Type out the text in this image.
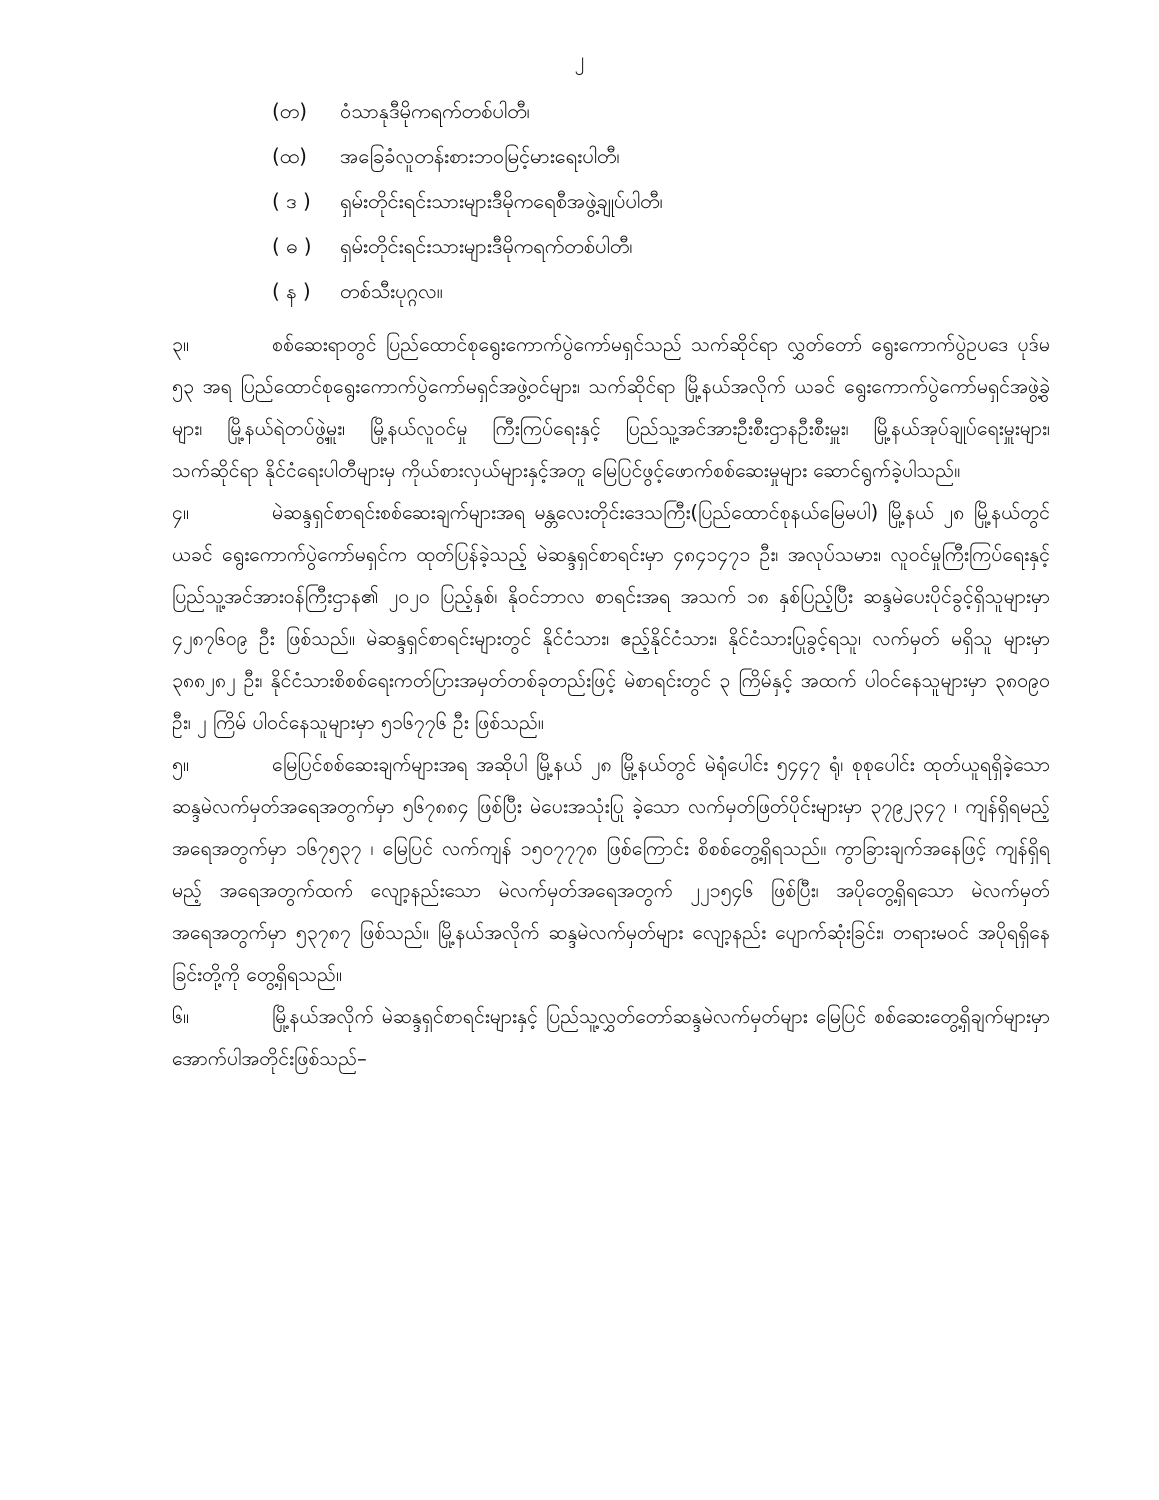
၂
(တ)	ဝံသာနုဒီမိုကရက်တစ်ပါတီ၊
(ထ)	အခြေခံလူတန်းစားဘဝမြင့်မားရေးပါတီ၊
( ဒ )	ရှမ်းတိုင်းရင်းသားများဒီမိုကရေစီအဖွဲ့ချုပ်ပါတီ၊
( ဓ )	ရှမ်းတိုင်းရင်းသားများဒီမိုကရက်တစ်ပါတီ၊
( န )	တစ်သီးပုဂ္ဂလ။

၃။	စစ်ဆေးရာတွင် ပြည်ထောင်စုရွေးကောက်ပွဲကော်မရှင်သည် သက်ဆိုင်ရာ လွှတ်တော် ရွေးကောက်ပွဲဥပဒေ ပုဒ်မ ၅၃ အရ ပြည်ထောင်စုရွေးကောက်ပွဲကော်မရှင်အဖွဲ့ဝင်များ၊ သက်ဆိုင်ရာ မြို့နယ်အလိုက် ယခင် ရွေးကောက်ပွဲကော်မရှင်အဖွဲ့ခွဲများ၊ မြို့နယ်ရဲတပ်ဖွဲ့မှူး၊ မြို့နယ်လူဝင်မှု ကြီးကြပ်ရေးနှင့် ပြည်သူ့အင်အားဦးစီးဌာနဦးစီးမှူး၊ မြို့နယ်အုပ်ချုပ်ရေးမှူးများ၊ သက်ဆိုင်ရာ နိုင်ငံရေးပါတီများမှ ကိုယ်စားလှယ်များနှင့်အတူ မြေပြင်ဖွင့်ဖောက်စစ်ဆေးမှုများ ဆောင်ရွက်ခဲ့ပါသည်။

၄။	မဲဆန္ဒရှင်စာရင်းစစ်ဆေးချက်များအရ မန္တလေးတိုင်းဒေသကြီး(ပြည်ထောင်စုနယ်မြေမပါ) မြို့နယ် ၂၈ မြို့နယ်တွင် ယခင် ရွေးကောက်ပွဲကော်မရှင်က ထုတ်ပြန်ခဲ့သည့် မဲဆန္ဒရှင်စာရင်းမှာ ၄၈၄၁၄၇၁ ဦး၊ အလုပ်သမား၊ လူဝင်မှုကြီးကြပ်ရေးနှင့် ပြည်သူ့အင်အားဝန်ကြီးဌာန၏ ၂၀၂၀ ပြည့်နှစ်၊ နိုဝင်ဘာလ စာရင်းအရ အသက် ၁၈ နှစ်ပြည့်ပြီး ဆန္ဒမဲပေးပိုင်ခွင့်ရှိသူများမှာ ၄၂၈၇၆၀၉ ဦး ဖြစ်သည်။ မဲဆန္ဒရှင်စာရင်းများတွင် နိုင်ငံသား၊ ဧည့်နိုင်ငံသား၊ နိုင်ငံသားပြုခွင့်ရသူ၊ လက်မှတ် မရှိသူ များမှာ ၃၈၈၂၈၂ ဦး၊ နိုင်ငံသားစိစစ်ရေးကတ်ပြားအမှတ်တစ်ခုတည်းဖြင့် မဲစာရင်းတွင် ၃ ကြိမ်နှင့် အထက် ပါဝင်နေသူများမှာ ၃၈၀၉၀ ဦး၊ ၂ ကြိမ် ပါဝင်နေသူများမှာ ၅၁၆၇၇၆ ဦး ဖြစ်သည်။

၅။	မြေပြင်စစ်ဆေးချက်များအရ အဆိုပါ မြို့နယ် ၂၈ မြို့နယ်တွင် မဲရုံပေါင်း ၅၄၄၇ ရုံ၊ စုစုပေါင်း ထုတ်ယူရရှိခဲ့သော ဆန္ဒမဲလက်မှတ်အရေအတွက်မှာ ၅၆၇၈၈၄ ဖြစ်ပြီး မဲပေးအသုံးပြု ခဲ့သော လက်မှတ်ဖြတ်ပိုင်းများမှာ ၃၇၉၂၃၄၇ ၊ ကျန်ရှိရမည့်အရေအတွက်မှာ ၁၆၇၅၃၇ ၊ မြေပြင် လက်ကျန် ၁၅၀၇၇၇၈ ဖြစ်ကြောင်း စိစစ်တွေ့ရှိရသည်။ ကွာခြားချက်အနေဖြင့် ကျန်ရှိရမည့် အရေအတွက်ထက် လျော့နည်းသော မဲလက်မှတ်အရေအတွက် ၂၂၁၅၄၆ ဖြစ်ပြီး၊ အပိုတွေ့ရှိရသော မဲလက်မှတ်အရေအတွက်မှာ ၅၃၇၈၇ ဖြစ်သည်။ မြို့နယ်အလိုက် ဆန္ဒမဲလက်မှတ်များ လျော့နည်း ပျောက်ဆုံးခြင်း၊ တရားမဝင် အပိုရရှိနေခြင်းတို့ကို တွေ့ရှိရသည်။

၆။	မြို့နယ်အလိုက် မဲဆန္ဒရှင်စာရင်းများနှင့် ပြည်သူ့လွှတ်တော်ဆန္ဒမဲလက်မှတ်များ မြေပြင် စစ်ဆေးတွေ့ရှိချက်များမှာ အောက်ပါအတိုင်းဖြစ်သည်–
